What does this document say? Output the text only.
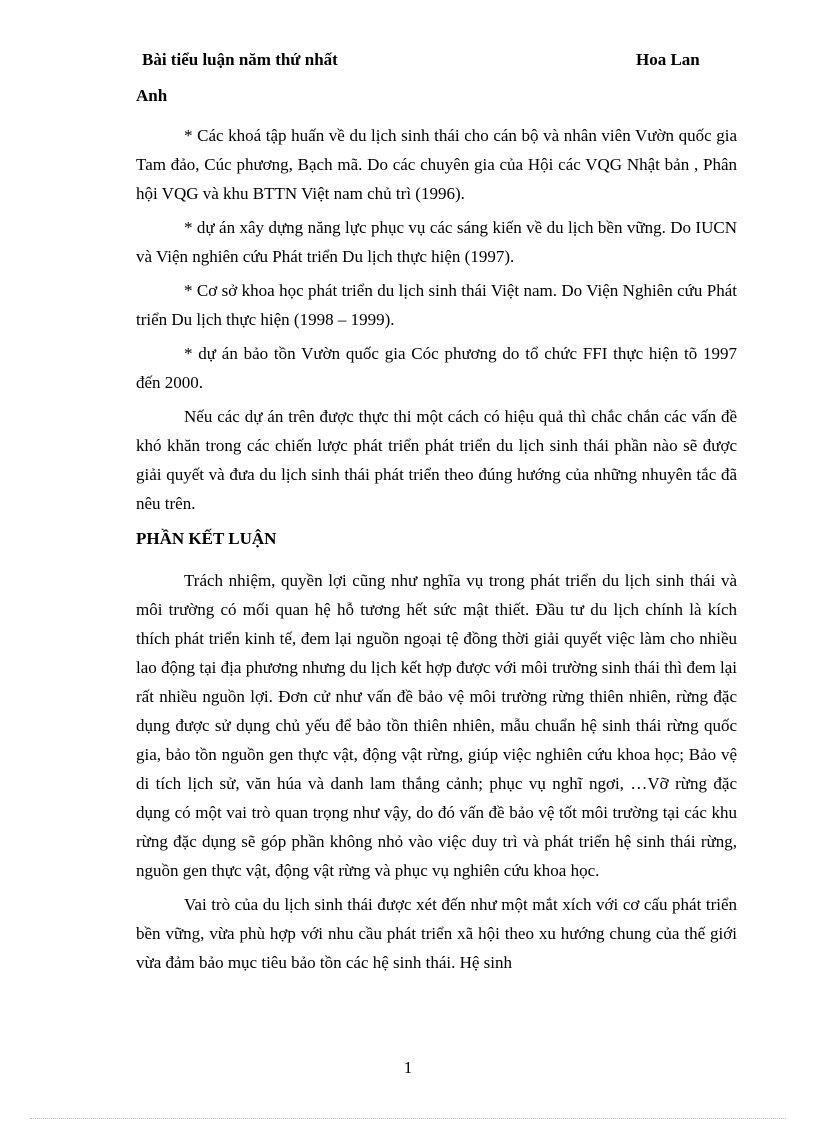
Bài tiểu luận năm thứ nhất	Hoa Lan
Anh

* Các khoá tập huấn về du lịch sinh thái cho cán bộ và nhân viên Vườn quốc gia Tam đảo, Cúc phương, Bạch mã. Do các chuyên gia của Hội các VQG Nhật bản , Phân hội VQG và khu BTTN Việt nam chủ trì (1996).

* dự án xây dựng năng lực phục vụ các sáng kiến về du lịch bền vững. Do IUCN và Viện nghiên cứu Phát triển Du lịch thực hiện (1997).

* Cơ sở khoa học phát triển du lịch sinh thái Việt nam. Do Viện Nghiên cứu Phát triển Du lịch thực hiện (1998 – 1999).

* dự án bảo tồn Vườn quốc gia Cóc phương do tổ chức FFI thực hiện tõ 1997 đến 2000.

Nếu các dự án trên được thực thi một cách có hiệu quả thì chắc chắn các vấn đề khó khăn trong các chiến lược phát triển phát triển du lịch sinh thái phần nào sẽ được giải quyết và đưa du lịch sinh thái phát triển theo đúng hướng của những nhuyên tắc đã nêu trên.

PHẦN KẾT LUẬN

Trách nhiệm, quyền lợi cũng như nghĩa vụ trong phát triển du lịch sinh thái và môi trường có mối quan hệ hỗ tương hết sức mật thiết. Đầu tư du lịch chính là kích thích phát triển kinh tế, đem lại nguồn ngoại tệ đồng thời giải quyết việc làm cho nhiều lao động tại địa phương nhưng du lịch kết hợp được với môi trường sinh thái thì đem lại rất nhiều nguồn lợi. Đơn cử như vấn đề bảo vệ môi trường rừng thiên nhiên, rừng đặc dụng được sử dụng chủ yếu để bảo tồn thiên nhiên, mẫu chuẩn hệ sinh thái rừng quốc gia, bảo tồn nguồn gen thực vật, động vật rừng, giúp việc nghiên cứu khoa học; Bảo vệ di tích lịch sử, văn húa và danh lam thắng cảnh; phục vụ nghĩ ngơi, …Vỡ rừng đặc dụng có một vai trò quan trọng như vậy, do đó vấn đề bảo vệ tốt môi trường tại các khu rừng đặc dụng sẽ góp phần không nhỏ vào việc duy trì và phát triển hệ sinh thái rừng, nguồn gen thực vật, động vật rừng và phục vụ nghiên cứu khoa học.

Vai trò của du lịch sinh thái được xét đến như một mắt xích với cơ cấu phát triển bền vững, vừa phù hợp với nhu cầu phát triển xã hội theo xu hướng chung của thế giới vừa đảm bảo mục tiêu bảo tồn các hệ sinh thái. Hệ sinh

1
